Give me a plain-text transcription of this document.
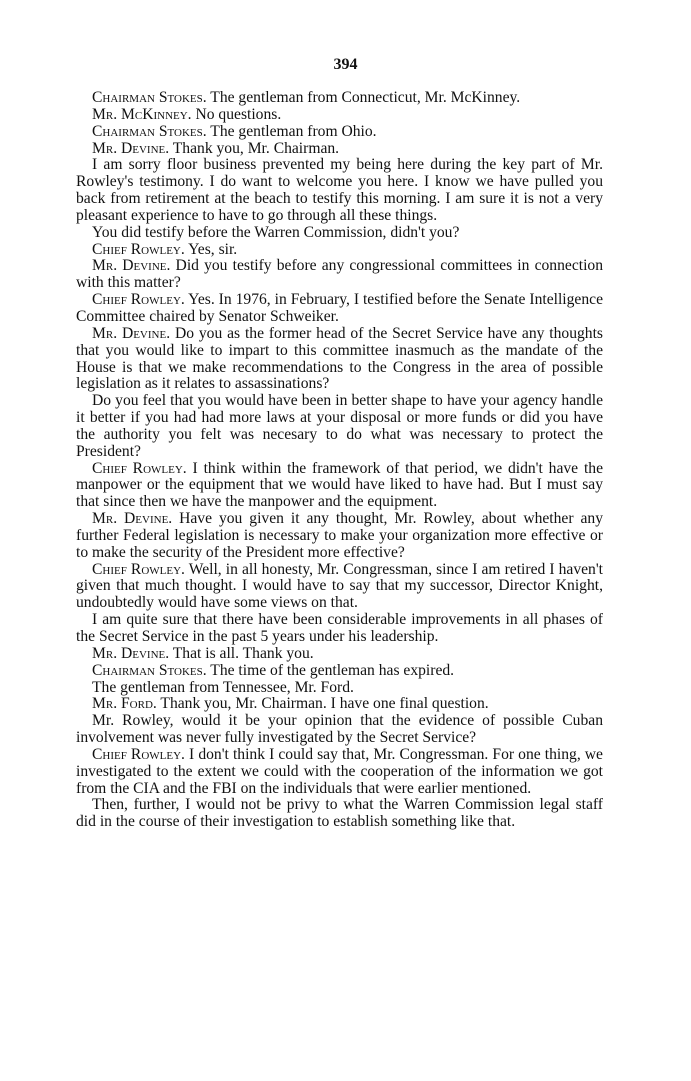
394

Chairman Stokes. The gentleman from Connecticut, Mr. McKinney.

Mr. McKinney. No questions.

Chairman Stokes. The gentleman from Ohio.

Mr. Devine. Thank you, Mr. Chairman.

I am sorry floor business prevented my being here during the key part of Mr. Rowley's testimony. I do want to welcome you here. I know we have pulled you back from retirement at the beach to testify this morning. I am sure it is not a very pleasant experience to have to go through all these things.

You did testify before the Warren Commission, didn't you?

Chief Rowley. Yes, sir.

Mr. Devine. Did you testify before any congressional committees in connection with this matter?

Chief Rowley. Yes. In 1976, in February, I testified before the Senate Intelligence Committee chaired by Senator Schweiker.

Mr. Devine. Do you as the former head of the Secret Service have any thoughts that you would like to impart to this committee inasmuch as the mandate of the House is that we make recommendations to the Congress in the area of possible legislation as it relates to assassinations?

Do you feel that you would have been in better shape to have your agency handle it better if you had had more laws at your disposal or more funds or did you have the authority you felt was necesary to do what was necessary to protect the President?

Chief Rowley. I think within the framework of that period, we didn't have the manpower or the equipment that we would have liked to have had. But I must say that since then we have the manpower and the equipment.

Mr. Devine. Have you given it any thought, Mr. Rowley, about whether any further Federal legislation is necessary to make your organization more effective or to make the security of the President more effective?

Chief Rowley. Well, in all honesty, Mr. Congressman, since I am retired I haven't given that much thought. I would have to say that my successor, Director Knight, undoubtedly would have some views on that.

I am quite sure that there have been considerable improvements in all phases of the Secret Service in the past 5 years under his leadership.

Mr. Devine. That is all. Thank you.

Chairman Stokes. The time of the gentleman has expired.

The gentleman from Tennessee, Mr. Ford.

Mr. Ford. Thank you, Mr. Chairman. I have one final question.

Mr. Rowley, would it be your opinion that the evidence of possible Cuban involvement was never fully investigated by the Secret Service?

Chief Rowley. I don't think I could say that, Mr. Congressman. For one thing, we investigated to the extent we could with the cooperation of the information we got from the CIA and the FBI on the individuals that were earlier mentioned.

Then, further, I would not be privy to what the Warren Commission legal staff did in the course of their investigation to establish something like that.
